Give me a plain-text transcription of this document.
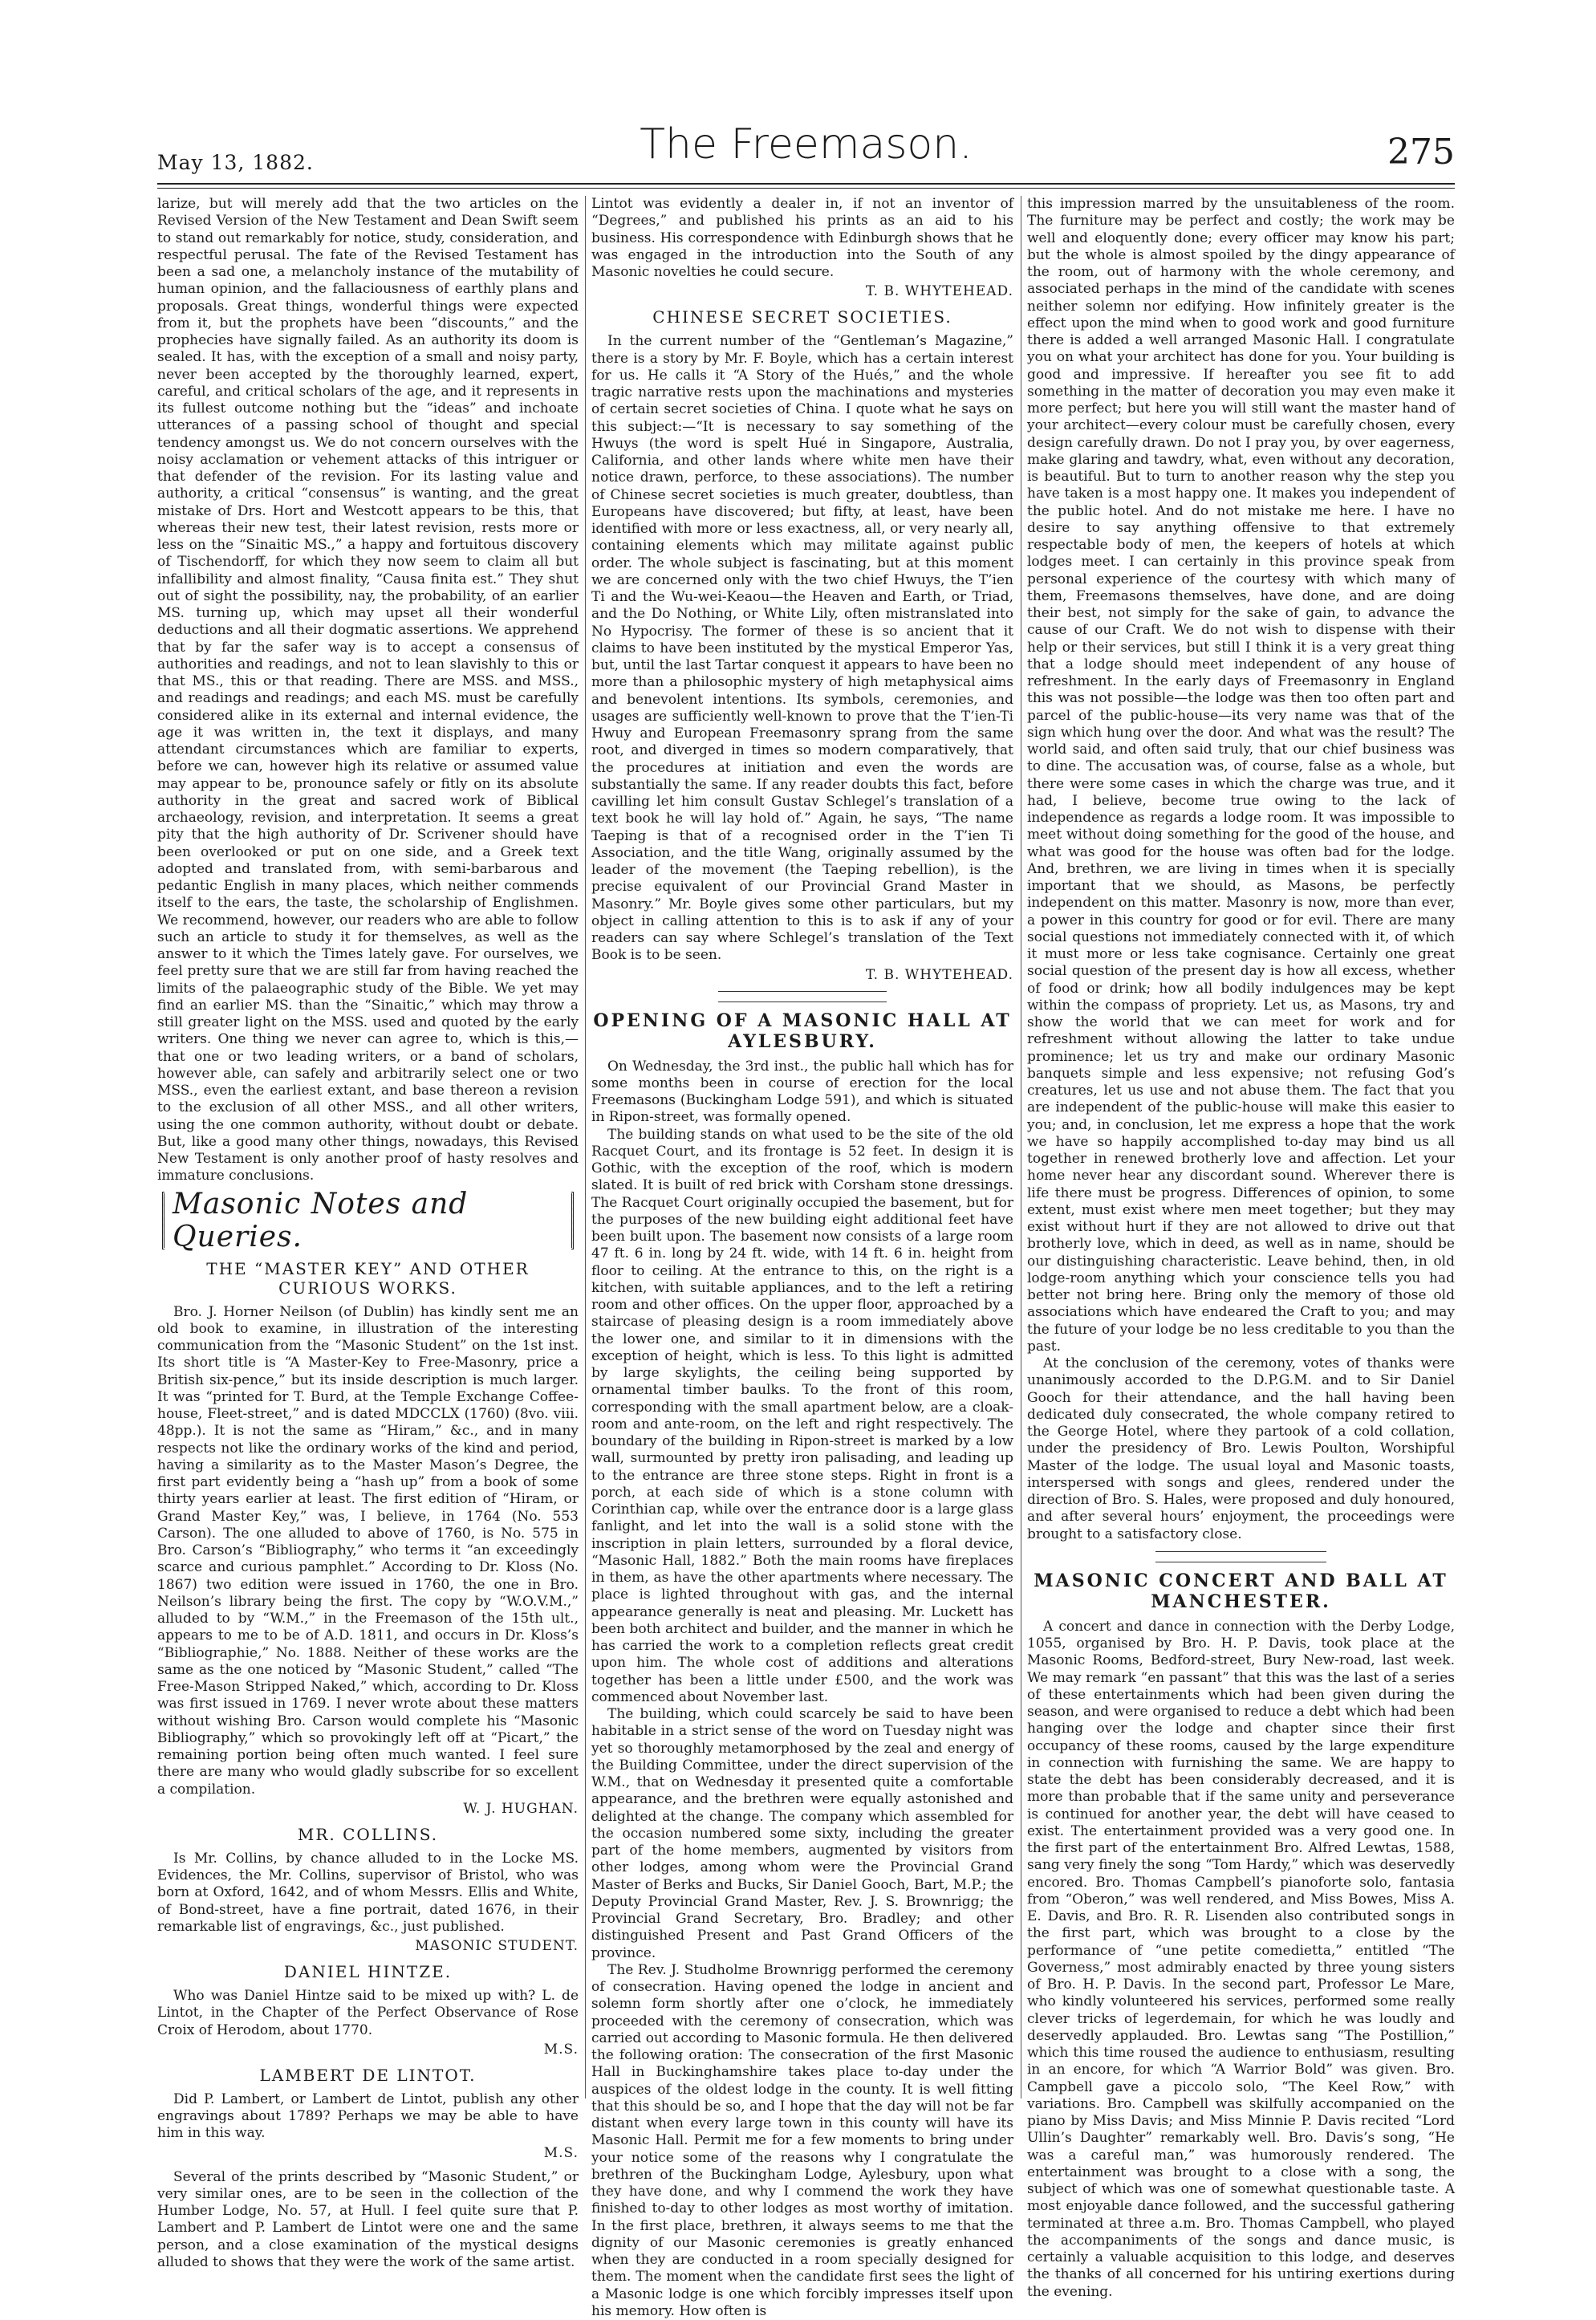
May 13, 1882.	The Freemason.	275

larize, but will merely add that the two articles on the Revised Version of the New Testament and Dean Swift seem to stand out remarkably for notice, study, consideration, and respectful perusal. The fate of the Revised Testament has been a sad one, a melancholy instance of the mutability of human opinion, and the fallaciousness of earthly plans and proposals. Great things, wonderful things were expected from it, but the prophets have been “discounts,” and the prophecies have signally failed. As an authority its doom is sealed. It has, with the exception of a small and noisy party, never been accepted by the thoroughly learned, expert, careful, and critical scholars of the age, and it represents in its fullest outcome nothing but the “ideas” and inchoate utterances of a passing school of thought and special tendency amongst us. We do not concern ourselves with the noisy acclamation or vehement attacks of this intriguer or that defender of the revision. For its lasting value and authority, a critical “consensus” is wanting, and the great mistake of Drs. Hort and Westcott appears to be this, that whereas their new test, their latest revision, rests more or less on the “Sinaitic MS.,” a happy and fortuitous discovery of Tischendorff, for which they now seem to claim all but infallibility and almost finality, “Causa finita est.” They shut out of sight the possibility, nay, the probability, of an earlier MS. turning up, which may upset all their wonderful deductions and all their dogmatic assertions. We apprehend that by far the safer way is to accept a consensus of authorities and readings, and not to lean slavishly to this or that MS., this or that reading. There are MSS. and MSS., and readings and readings; and each MS. must be carefully considered alike in its external and internal evidence, the age it was written in, the text it displays, and many attendant circumstances which are familiar to experts, before we can, however high its relative or assumed value may appear to be, pronounce safely or fitly on its absolute authority in the great and sacred work of Biblical archaeology, revision, and interpretation. It seems a great pity that the high authority of Dr. Scrivener should have been overlooked or put on one side, and a Greek text adopted and translated from, with semi-barbarous and pedantic English in many places, which neither commends itself to the ears, the taste, the scholarship of Englishmen. We recommend, however, our readers who are able to follow such an article to study it for themselves, as well as the answer to it which the Times lately gave. For ourselves, we feel pretty sure that we are still far from having reached the limits of the palaeographic study of the Bible. We yet may find an earlier MS. than the “Sinaitic,” which may throw a still greater light on the MSS. used and quoted by the early writers. One thing we never can agree to, which is this,—that one or two leading writers, or a band of scholars, however able, can safely and arbitrarily select one or two MSS., even the earliest extant, and base thereon a revision to the exclusion of all other MSS., and all other writers, using the one common authority, without doubt or debate. But, like a good many other things, nowadays, this Revised New Testament is only another proof of hasty resolves and immature conclusions.

Masonic Notes and Queries.
THE “MASTER KEY” AND OTHER CURIOUS WORKS.

Bro. J. Horner Neilson (of Dublin) has kindly sent me an old book to examine, in illustration of the interesting communication from the “Masonic Student” on the 1st inst. Its short title is “A Master-Key to Free-Masonry, price a British six-pence,” but its inside description is much larger. It was “printed for T. Burd, at the Temple Exchange Coffee-house, Fleet-street,” and is dated MDCCLX (1760) (8vo. viii. 48pp.). It is not the same as “Hiram,” &c., and in many respects not like the ordinary works of the kind and period, having a similarity as to the Master Mason’s Degree, the first part evidently being a “hash up” from a book of some thirty years earlier at least. The first edition of “Hiram, or Grand Master Key,” was, I believe, in 1764 (No. 553 Carson). The one alluded to above of 1760, is No. 575 in Bro. Carson’s “Bibliography,” who terms it “an exceedingly scarce and curious pamphlet.” According to Dr. Kloss (No. 1867) two edition were issued in 1760, the one in Bro. Neilson’s library being the first. The copy by “W.O.V.M.,” alluded to by “W.M.,” in the Freemason of the 15th ult., appears to me to be of A.D. 1811, and occurs in Dr. Kloss’s “Bibliographie,” No. 1888. Neither of these works are the same as the one noticed by “Masonic Student,” called “The Free-Mason Stripped Naked,” which, according to Dr. Kloss was first issued in 1769. I never wrote about these matters without wishing Bro. Carson would complete his “Masonic Bibliography,” which so provokingly left off at “Picart,” the remaining portion being often much wanted. I feel sure there are many who would gladly subscribe for so excellent a compilation.

W. J. HUGHAN.
MR. COLLINS.

Is Mr. Collins, by chance alluded to in the Locke MS. Evidences, the Mr. Collins, supervisor of Bristol, who was born at Oxford, 1642, and of whom Messrs. Ellis and White, of Bond-street, have a fine portrait, dated 1676, in their remarkable list of engravings, &c., just published.

MASONIC STUDENT.
DANIEL HINTZE.

Who was Daniel Hintze said to be mixed up with? L. de Lintot, in the Chapter of the Perfect Observance of Rose Croix of Herodom, about 1770.

M.S.
LAMBERT DE LINTOT.

Did P. Lambert, or Lambert de Lintot, publish any other engravings about 1789? Perhaps we may be able to have him in this way.

M.S.

Several of the prints described by “Masonic Student,” or very similar ones, are to be seen in the collection of the Humber Lodge, No. 57, at Hull. I feel quite sure that P. Lambert and P. Lambert de Lintot were one and the same person, and a close examination of the mystical designs alluded to shows that they were the work of the same artist.

Lintot was evidently a dealer in, if not an inventor of “Degrees,” and published his prints as an aid to his business. His correspondence with Edinburgh shows that he was engaged in the introduction into the South of any Masonic novelties he could secure.

T. B. WHYTEHEAD.
CHINESE SECRET SOCIETIES.

In the current number of the “Gentleman’s Magazine,” there is a story by Mr. F. Boyle, which has a certain interest for us. He calls it “A Story of the Hués,” and the whole tragic narrative rests upon the machinations and mysteries of certain secret societies of China. I quote what he says on this subject:—“It is necessary to say something of the Hwuys (the word is spelt Hué in Singapore, Australia, California, and other lands where white men have their notice drawn, perforce, to these associations). The number of Chinese secret societies is much greater, doubtless, than Europeans have discovered; but fifty, at least, have been identified with more or less exactness, all, or very nearly all, containing elements which may militate against public order. The whole subject is fascinating, but at this moment we are concerned only with the two chief Hwuys, the T’ien Ti and the Wu-wei-Keaou—the Heaven and Earth, or Triad, and the Do Nothing, or White Lily, often mistranslated into No Hypocrisy. The former of these is so ancient that it claims to have been instituted by the mystical Emperor Yas, but, until the last Tartar conquest it appears to have been no more than a philosophic mystery of high metaphysical aims and benevolent intentions. Its symbols, ceremonies, and usages are sufficiently well-known to prove that the T’ien-Ti Hwuy and European Freemasonry sprang from the same root, and diverged in times so modern comparatively, that the procedures at initiation and even the words are substantially the same. If any reader doubts this fact, before cavilling let him consult Gustav Schlegel’s translation of a text book he will lay hold of.” Again, he says, “The name Taeping is that of a recognised order in the T’ien Ti Association, and the title Wang, originally assumed by the leader of the movement (the Taeping rebellion), is the precise equivalent of our Provincial Grand Master in Masonry.” Mr. Boyle gives some other particulars, but my object in calling attention to this is to ask if any of your readers can say where Schlegel’s translation of the Text Book is to be seen.

T. B. WHYTEHEAD.
OPENING OF A MASONIC HALL AT AYLESBURY.

On Wednesday, the 3rd inst., the public hall which has for some months been in course of erection for the local Freemasons (Buckingham Lodge 591), and which is situated in Ripon-street, was formally opened.

The building stands on what used to be the site of the old Racquet Court, and its frontage is 52 feet. In design it is Gothic, with the exception of the roof, which is modern slated. It is built of red brick with Corsham stone dressings. The Racquet Court originally occupied the basement, but for the purposes of the new building eight additional feet have been built upon. The basement now consists of a large room 47 ft. 6 in. long by 24 ft. wide, with 14 ft. 6 in. height from floor to ceiling. At the entrance to this, on the right is a kitchen, with suitable appliances, and to the left a retiring room and other offices. On the upper floor, approached by a staircase of pleasing design is a room immediately above the lower one, and similar to it in dimensions with the exception of height, which is less. To this light is admitted by large skylights, the ceiling being supported by ornamental timber baulks. To the front of this room, corresponding with the small apartment below, are a cloak-room and ante-room, on the left and right respectively. The boundary of the building in Ripon-street is marked by a low wall, surmounted by pretty iron palisading, and leading up to the entrance are three stone steps. Right in front is a porch, at each side of which is a stone column with Corinthian cap, while over the entrance door is a large glass fanlight, and let into the wall is a solid stone with the inscription in plain letters, surrounded by a floral device, “Masonic Hall, 1882.” Both the main rooms have fireplaces in them, as have the other apartments where necessary. The place is lighted throughout with gas, and the internal appearance generally is neat and pleasing. Mr. Luckett has been both architect and builder, and the manner in which he has carried the work to a completion reflects great credit upon him. The whole cost of additions and alterations together has been a little under £500, and the work was commenced about November last.

The building, which could scarcely be said to have been habitable in a strict sense of the word on Tuesday night was yet so thoroughly metamorphosed by the zeal and energy of the Building Committee, under the direct supervision of the W.M., that on Wednesday it presented quite a comfortable appearance, and the brethren were equally astonished and delighted at the change. The company which assembled for the occasion numbered some sixty, including the greater part of the home members, augmented by visitors from other lodges, among whom were the Provincial Grand Master of Berks and Bucks, Sir Daniel Gooch, Bart, M.P.; the Deputy Provincial Grand Master, Rev. J. S. Brownrigg; the Provincial Grand Secretary, Bro. Bradley; and other distinguished Present and Past Grand Officers of the province.

The Rev. J. Studholme Brownrigg performed the ceremony of consecration. Having opened the lodge in ancient and solemn form shortly after one o’clock, he immediately proceeded with the ceremony of consecration, which was carried out according to Masonic formula. He then delivered the following oration: The consecration of the first Masonic Hall in Buckinghamshire takes place to-day under the auspices of the oldest lodge in the county. It is well fitting that this should be so, and I hope that the day will not be far distant when every large town in this county will have its Masonic Hall. Permit me for a few moments to bring under your notice some of the reasons why I congratulate the brethren of the Buckingham Lodge, Aylesbury, upon what they have done, and why I commend the work they have finished to-day to other lodges as most worthy of imitation. In the first place, brethren, it always seems to me that the dignity of our Masonic ceremonies is greatly enhanced when they are conducted in a room specially designed for them. The moment when the candidate first sees the light of a Masonic lodge is one which forcibly impresses itself upon his memory. How often is

this impression marred by the unsuitableness of the room. The furniture may be perfect and costly; the work may be well and eloquently done; every officer may know his part; but the whole is almost spoiled by the dingy appearance of the room, out of harmony with the whole ceremony, and associated perhaps in the mind of the candidate with scenes neither solemn nor edifying. How infinitely greater is the effect upon the mind when to good work and good furniture there is added a well arranged Masonic Hall. I congratulate you on what your architect has done for you. Your building is good and impressive. If hereafter you see fit to add something in the matter of decoration you may even make it more perfect; but here you will still want the master hand of your architect—every colour must be carefully chosen, every design carefully drawn. Do not I pray you, by over eagerness, make glaring and tawdry, what, even without any decoration, is beautiful. But to turn to another reason why the step you have taken is a most happy one. It makes you independent of the public hotel. And do not mistake me here. I have no desire to say anything offensive to that extremely respectable body of men, the keepers of hotels at which lodges meet. I can certainly in this province speak from personal experience of the courtesy with which many of them, Freemasons themselves, have done, and are doing their best, not simply for the sake of gain, to advance the cause of our Craft. We do not wish to dispense with their help or their services, but still I think it is a very great thing that a lodge should meet independent of any house of refreshment. In the early days of Freemasonry in England this was not possible—the lodge was then too often part and parcel of the public-house—its very name was that of the sign which hung over the door. And what was the result? The world said, and often said truly, that our chief business was to dine. The accusation was, of course, false as a whole, but there were some cases in which the charge was true, and it had, I believe, become true owing to the lack of independence as regards a lodge room. It was impossible to meet without doing something for the good of the house, and what was good for the house was often bad for the lodge. And, brethren, we are living in times when it is specially important that we should, as Masons, be perfectly independent on this matter. Masonry is now, more than ever, a power in this country for good or for evil. There are many social questions not immediately connected with it, of which it must more or less take cognisance. Certainly one great social question of the present day is how all excess, whether of food or drink; how all bodily indulgences may be kept within the compass of propriety. Let us, as Masons, try and show the world that we can meet for work and for refreshment without allowing the latter to take undue prominence; let us try and make our ordinary Masonic banquets simple and less expensive; not refusing God’s creatures, let us use and not abuse them. The fact that you are independent of the public-house will make this easier to you; and, in conclusion, let me express a hope that the work we have so happily accomplished to-day may bind us all together in renewed brotherly love and affection. Let your home never hear any discordant sound. Wherever there is life there must be progress. Differences of opinion, to some extent, must exist where men meet together; but they may exist without hurt if they are not allowed to drive out that brotherly love, which in deed, as well as in name, should be our distinguishing characteristic. Leave behind, then, in old lodge-room anything which your conscience tells you had better not bring here. Bring only the memory of those old associations which have endeared the Craft to you; and may the future of your lodge be no less creditable to you than the past.

At the conclusion of the ceremony, votes of thanks were unanimously accorded to the D.P.G.M. and to Sir Daniel Gooch for their attendance, and the hall having been dedicated duly consecrated, the whole company retired to the George Hotel, where they partook of a cold collation, under the presidency of Bro. Lewis Poulton, Worshipful Master of the lodge. The usual loyal and Masonic toasts, interspersed with songs and glees, rendered under the direction of Bro. S. Hales, were proposed and duly honoured, and after several hours’ enjoyment, the proceedings were brought to a satisfactory close.

MASONIC CONCERT AND BALL AT MANCHESTER.

A concert and dance in connection with the Derby Lodge, 1055, organised by Bro. H. P. Davis, took place at the Masonic Rooms, Bedford-street, Bury New-road, last week. We may remark “en passant” that this was the last of a series of these entertainments which had been given during the season, and were organised to reduce a debt which had been hanging over the lodge and chapter since their first occupancy of these rooms, caused by the large expenditure in connection with furnishing the same. We are happy to state the debt has been considerably decreased, and it is more than probable that if the same unity and perseverance is continued for another year, the debt will have ceased to exist. The entertainment provided was a very good one. In the first part of the entertainment Bro. Alfred Lewtas, 1588, sang very finely the song “Tom Hardy,” which was deservedly encored. Bro. Thomas Campbell’s pianoforte solo, fantasia from “Oberon,” was well rendered, and Miss Bowes, Miss A. E. Davis, and Bro. R. R. Lisenden also contributed songs in the first part, which was brought to a close by the performance of “une petite comedietta,” entitled “The Governess,” most admirably enacted by three young sisters of Bro. H. P. Davis. In the second part, Professor Le Mare, who kindly volunteered his services, performed some really clever tricks of legerdemain, for which he was loudly and deservedly applauded. Bro. Lewtas sang “The Postillion,” which this time roused the audience to enthusiasm, resulting in an encore, for which “A Warrior Bold” was given. Bro. Campbell gave a piccolo solo, “The Keel Row,” with variations. Bro. Campbell was skilfully accompanied on the piano by Miss Davis; and Miss Minnie P. Davis recited “Lord Ullin’s Daughter” remarkably well. Bro. Davis’s song, “He was a careful man,” was humorously rendered. The entertainment was brought to a close with a song, the subject of which was one of somewhat questionable taste. A most enjoyable dance followed, and the successful gathering terminated at three a.m. Bro. Thomas Campbell, who played the accompaniments of the songs and dance music, is certainly a valuable acquisition to this lodge, and deserves the thanks of all concerned for his untiring exertions during the evening.
